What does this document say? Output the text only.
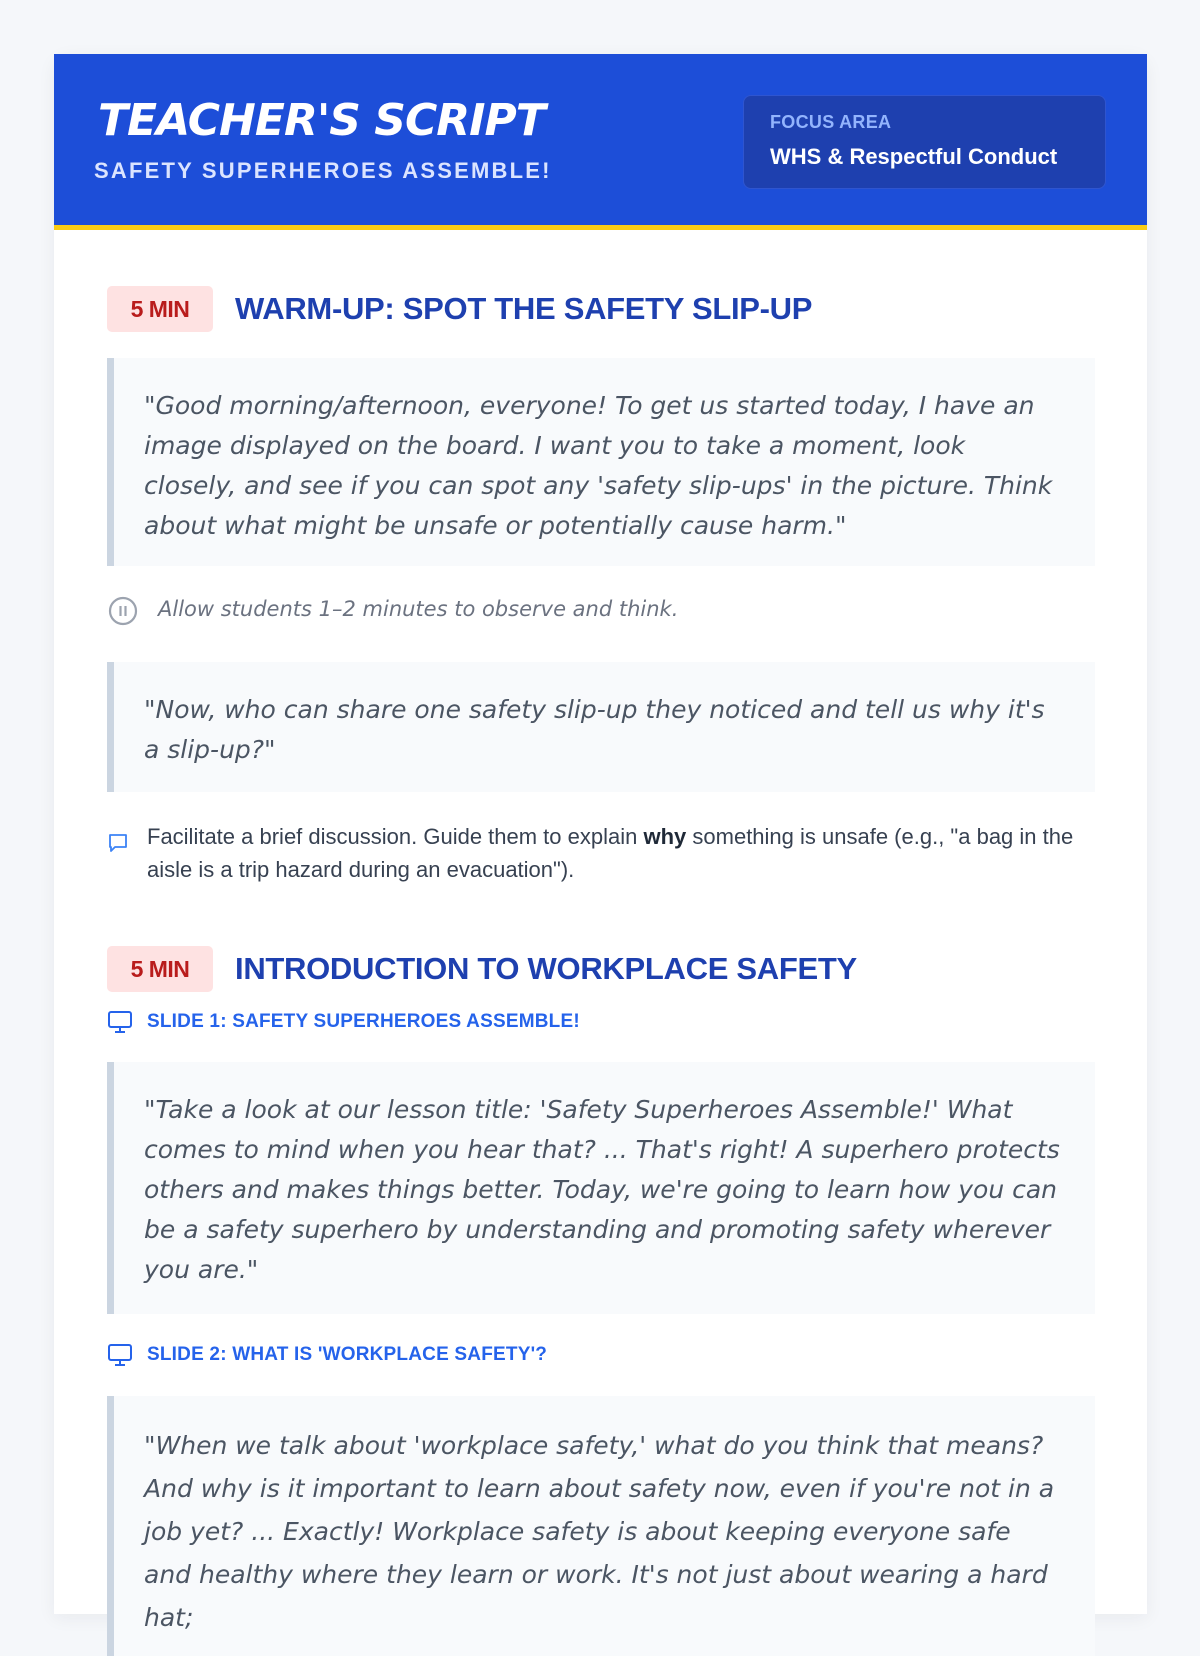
TEACHER'S SCRIPT
SAFETY SUPERHEROES ASSEMBLE!
FOCUS AREA
WHS & Respectful Conduct
5 MIN	WARM-UP: SPOT THE SAFETY SLIP-UP
"Good morning/afternoon, everyone! To get us started today, I have an image displayed on the board. I want you to take a moment, look closely, and see if you can spot any 'safety slip-ups' in the picture. Think about what might be unsafe or potentially cause harm."
Allow students 1–2 minutes to observe and think.
"Now, who can share one safety slip-up they noticed and tell us why it's a slip-up?"
Facilitate a brief discussion. Guide them to explain why something is unsafe (e.g., "a bag in the aisle is a trip hazard during an evacuation").
5 MIN	INTRODUCTION TO WORKPLACE SAFETY
SLIDE 1: SAFETY SUPERHEROES ASSEMBLE!
"Take a look at our lesson title: 'Safety Superheroes Assemble!' What comes to mind when you hear that? ... That's right! A superhero protects others and makes things better. Today, we're going to learn how you can be a safety superhero by understanding and promoting safety wherever you are."
SLIDE 2: WHAT IS 'WORKPLACE SAFETY'?
"When we talk about 'workplace safety,' what do you think that means? And why is it important to learn about safety now, even if you're not in a job yet? ... Exactly! Workplace safety is about keeping everyone safe and healthy where they learn or work. It's not just about wearing a hard hat;
